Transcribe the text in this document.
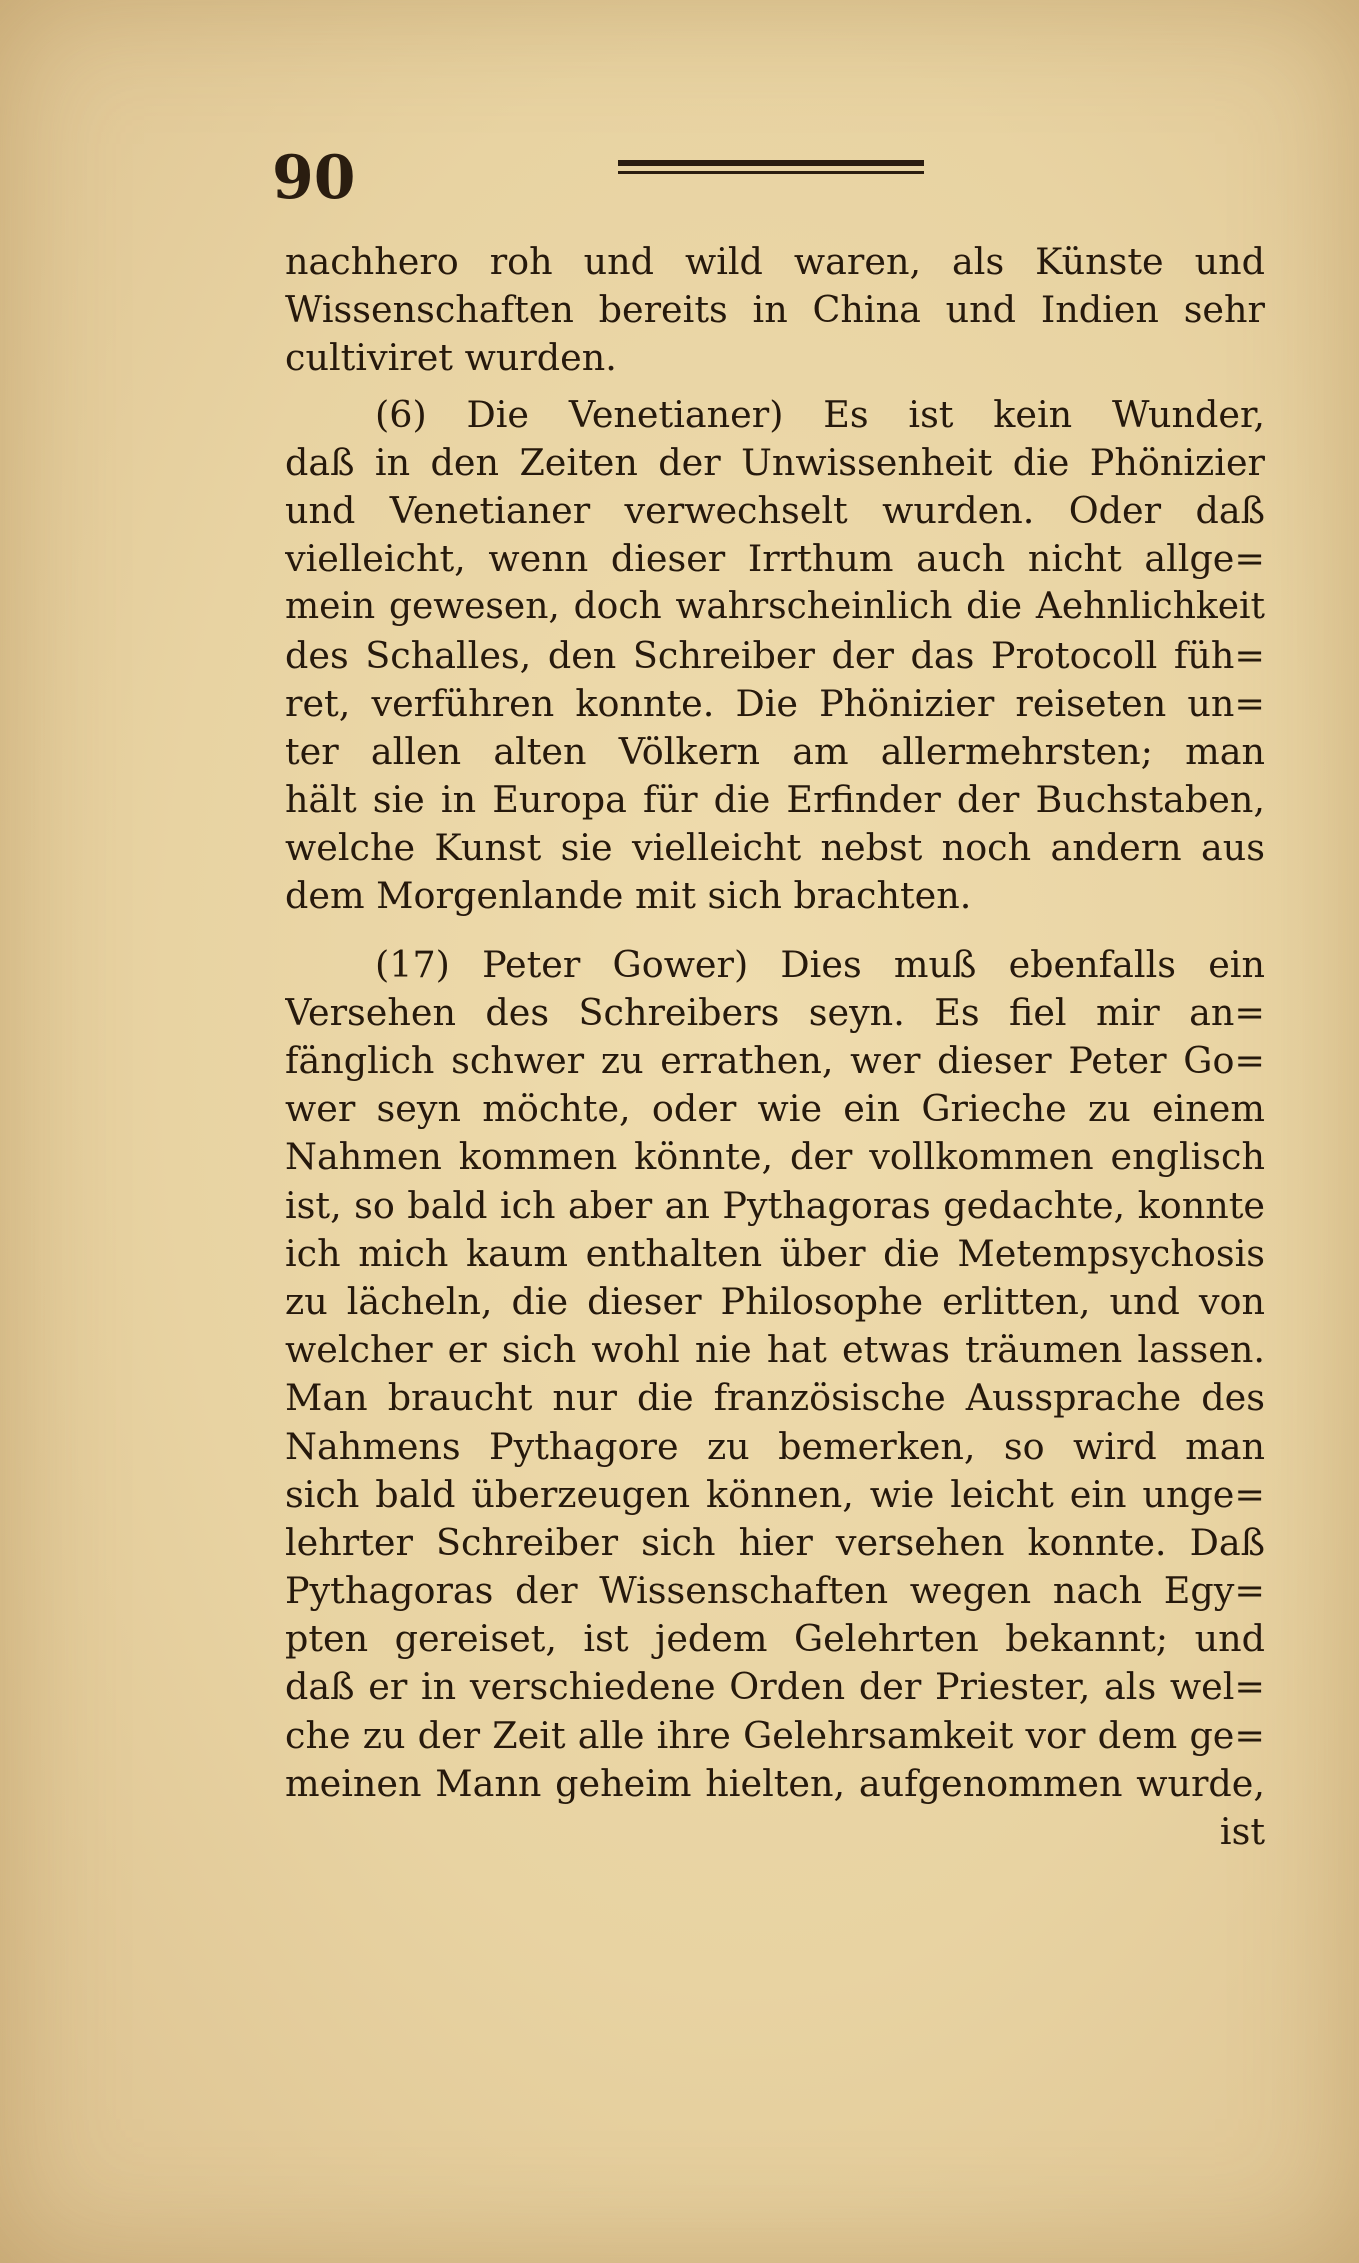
90
nachhero roh und wild waren, als Künste und
Wissenschaften bereits in China und Indien sehr
cultiviret wurden.
(6) Die Venetianer) Es ist kein Wunder,
daß in den Zeiten der Unwissenheit die Phönizier
und Venetianer verwechselt wurden. Oder daß
vielleicht, wenn dieser Irrthum auch nicht allge=
mein gewesen, doch wahrscheinlich die Aehnlichkeit
des Schalles, den Schreiber der das Protocoll füh=
ret, verführen konnte. Die Phönizier reiseten un=
ter allen alten Völkern am allermehrsten; man
hält sie in Europa für die Erfinder der Buchstaben,
welche Kunst sie vielleicht nebst noch andern aus
dem Morgenlande mit sich brachten.
(17) Peter Gower) Dies muß ebenfalls ein
Versehen des Schreibers seyn. Es fiel mir an=
fänglich schwer zu errathen, wer dieser Peter Go=
wer seyn möchte, oder wie ein Grieche zu einem
Nahmen kommen könnte, der vollkommen englisch
ist, so bald ich aber an Pythagoras gedachte, konnte
ich mich kaum enthalten über die Metempsychosis
zu lächeln, die dieser Philosophe erlitten, und von
welcher er sich wohl nie hat etwas träumen lassen.
Man braucht nur die französische Aussprache des
Nahmens Pythagore zu bemerken, so wird man
sich bald überzeugen können, wie leicht ein unge=
lehrter Schreiber sich hier versehen konnte. Daß
Pythagoras der Wissenschaften wegen nach Egy=
pten gereiset, ist jedem Gelehrten bekannt; und
daß er in verschiedene Orden der Priester, als wel=
che zu der Zeit alle ihre Gelehrsamkeit vor dem ge=
meinen Mann geheim hielten, aufgenommen wurde,
ist
